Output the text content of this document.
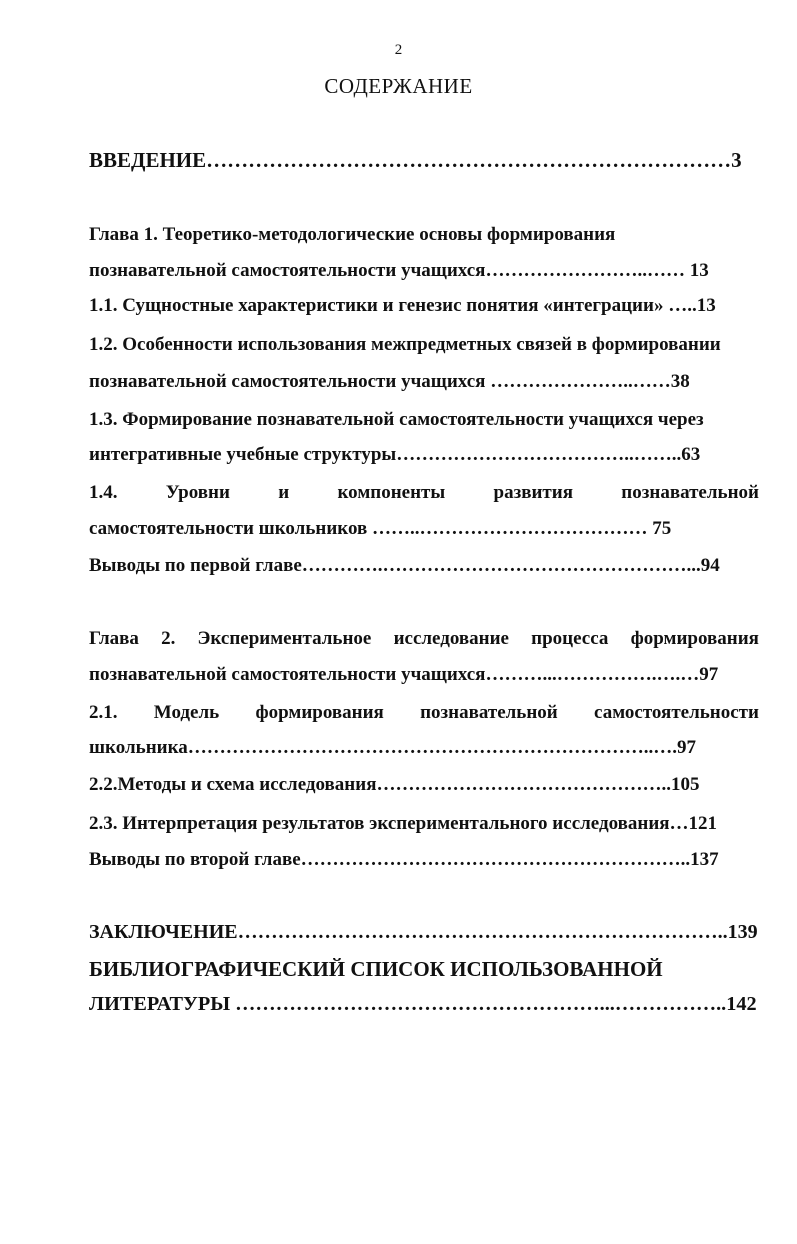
2
СОДЕРЖАНИЕ
ВВЕДЕНИЕ…………………………………………………………………3
Глава 1. Теоретико-методологические основы формирования
познавательной самостоятельности учащихся……………………..…… 13
1.1. Сущностные характеристики и генезис понятия «интеграции» …..13
1.2. Особенности использования межпредметных связей в формировании
познавательной самостоятельности учащихся …………………..……38
1.3. Формирование познавательной самостоятельности учащихся через
интегративные учебные структуры………………………………..……..63
1.4.	Уровни	и	компоненты	развития	познавательной
самостоятельности школьников ……..……………………………… 75
Выводы по первой главе………….…………………………………………...94
Глава 2. Экспериментальное исследование процесса формирования
познавательной самостоятельности учащихся………...…………….….…97
2.1. Модель формирования познавательной самостоятельности
школьника………………………………………………………………..….97
2.2.Методы и схема исследования………………………………………..105
2.3. Интерпретация результатов экспериментального исследования…121
Выводы по второй главе……………………………………………………..137
ЗАКЛЮЧЕНИЕ………………………………………………………………..139
БИБЛИОГРАФИЧЕСКИЙ СПИСОК ИСПОЛЬЗОВАННОЙ
ЛИТЕРАТУРЫ ………………………………………………...……………..142
